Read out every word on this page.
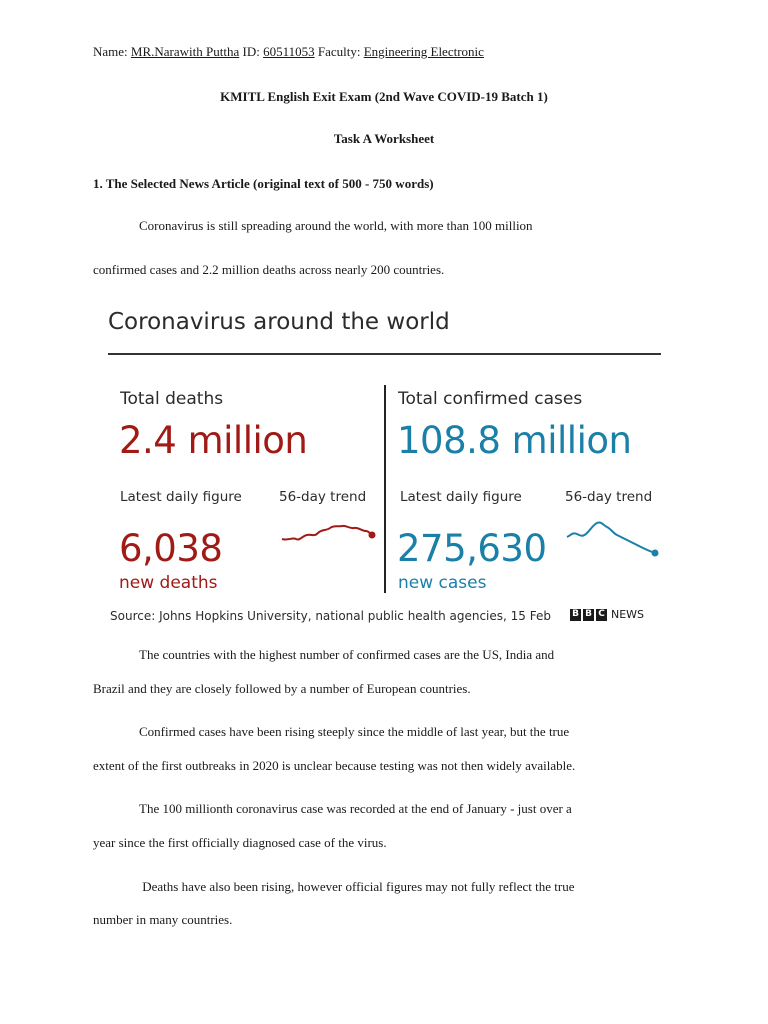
Name: MR.Narawith Puttha ID: 60511053 Faculty: Engineering Electronic
KMITL English Exit Exam (2nd Wave COVID-19 Batch 1)
Task A Worksheet
1. The Selected News Article (original text of 500 - 750 words)
Coronavirus is still spreading around the world, with more than 100 million
confirmed cases and 2.2 million deaths across nearly 200 countries.
Coronavirus around the world
Total deaths
2.4 million
Latest daily figure	56-day trend
6,038
new deaths
Total confirmed cases
108.8 million
Latest daily figure	56-day trend
275,630
new cases
Source: Johns Hopkins University, national public health agencies, 15 Feb B B C NEWS
The countries with the highest number of confirmed cases are the US, India and
Brazil and they are closely followed by a number of European countries.
Confirmed cases have been rising steeply since the middle of last year, but the true
extent of the first outbreaks in 2020 is unclear because testing was not then widely available.
The 100 millionth coronavirus case was recorded at the end of January - just over a
year since the first officially diagnosed case of the virus.
Deaths have also been rising, however official figures may not fully reflect the true
number in many countries.
